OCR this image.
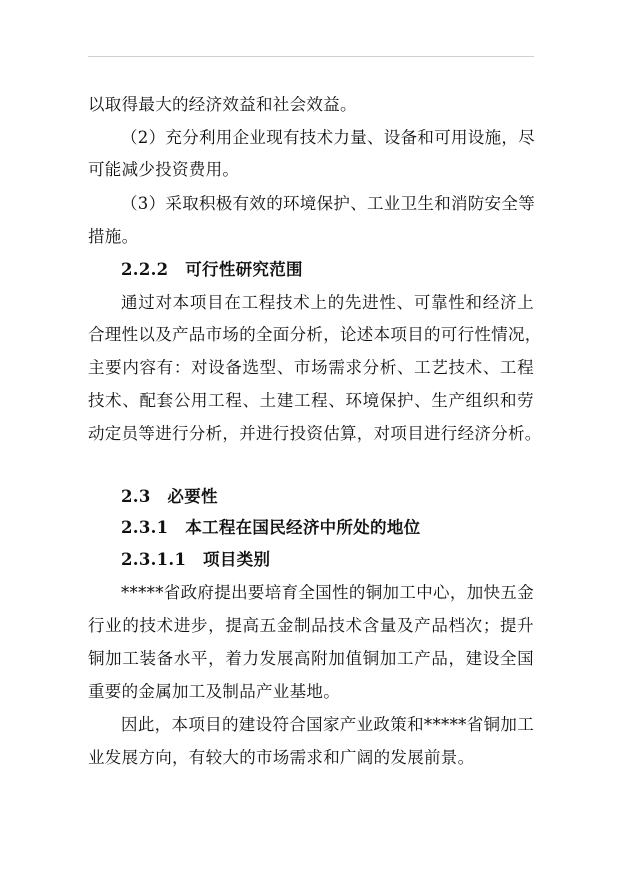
以取得最大的经济效益和社会效益。
（2）充分利用企业现有技术力量、设备和可用设施，尽
可能减少投资费用。
（3）采取积极有效的环境保护、工业卫生和消防安全等
措施。
2.2.2　可行性研究范围
通过对本项目在工程技术上的先进性、可靠性和经济上
合理性以及产品市场的全面分析，论述本项目的可行性情况，
主要内容有：对设备选型、市场需求分析、工艺技术、工程
技术、配套公用工程、土建工程、环境保护、生产组织和劳
动定员等进行分析，并进行投资估算，对项目进行经济分析。
2.3　必要性
2.3.1　本工程在国民经济中所处的地位
2.3.1.1　项目类别
*****省政府提出要培育全国性的铜加工中心，加快五金
行业的技术进步，提高五金制品技术含量及产品档次；提升
铜加工装备水平，着力发展高附加值铜加工产品，建设全国
重要的金属加工及制品产业基地。
因此，本项目的建设符合国家产业政策和*****省铜加工
业发展方向，有较大的市场需求和广阔的发展前景。
